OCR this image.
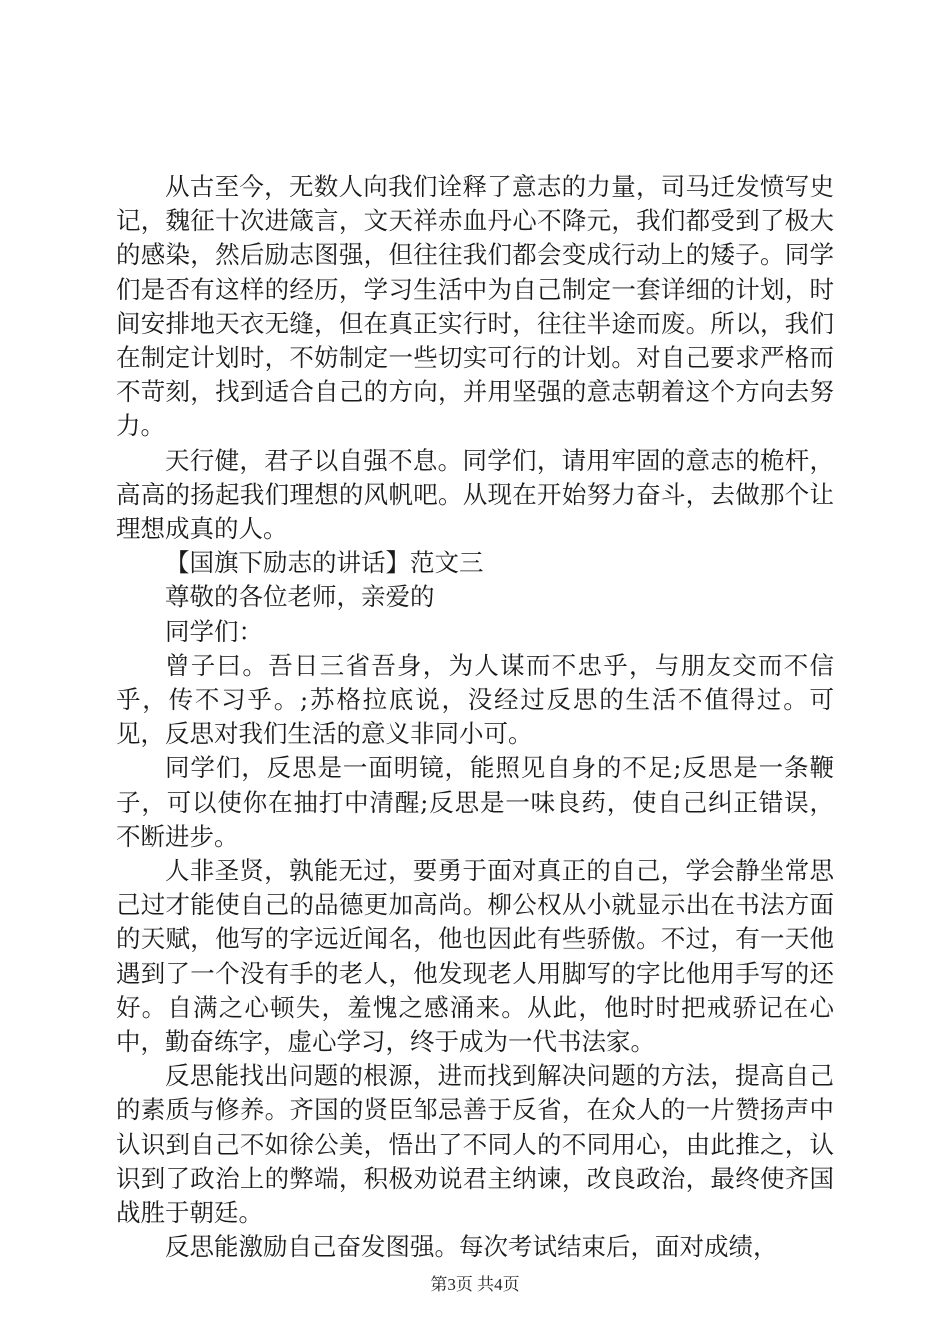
从古至今，无数人向我们诠释了意志的力量，司马迁发愤写史记，魏征十次进箴言，文天祥赤血丹心不降元，我们都受到了极大的感染，然后励志图强，但往往我们都会变成行动上的矮子。同学们是否有这样的经历，学习生活中为自己制定一套详细的计划，时间安排地天衣无缝，但在真正实行时，往往半途而废。所以，我们在制定计划时，不妨制定一些切实可行的计划。对自己要求严格而不苛刻，找到适合自己的方向，并用坚强的意志朝着这个方向去努力。

天行健，君子以自强不息。同学们，请用牢固的意志的桅杆，高高的扬起我们理想的风帆吧。从现在开始努力奋斗，去做那个让理想成真的人。

【国旗下励志的讲话】范文三

尊敬的各位老师，亲爱的

同学们：

曾子曰。吾日三省吾身，为人谋而不忠乎，与朋友交而不信乎，传不习乎。;苏格拉底说，没经过反思的生活不值得过。可见，反思对我们生活的意义非同小可。

同学们，反思是一面明镜，能照见自身的不足;反思是一条鞭子，可以使你在抽打中清醒;反思是一味良药，使自己纠正错误，不断进步。

人非圣贤，孰能无过，要勇于面对真正的自己，学会静坐常思己过才能使自己的品德更加高尚。柳公权从小就显示出在书法方面的天赋，他写的字远近闻名，他也因此有些骄傲。不过，有一天他遇到了一个没有手的老人，他发现老人用脚写的字比他用手写的还好。自满之心顿失，羞愧之感涌来。从此，他时时把戒骄记在心中，勤奋练字，虚心学习，终于成为一代书法家。

反思能找出问题的根源，进而找到解决问题的方法，提高自己的素质与修养。齐国的贤臣邹忌善于反省，在众人的一片赞扬声中认识到自己不如徐公美，悟出了不同人的不同用心，由此推之，认识到了政治上的弊端，积极劝说君主纳谏，改良政治，最终使齐国战胜于朝廷。

反思能激励自己奋发图强。每次考试结束后，面对成绩，

第3页 共4页
